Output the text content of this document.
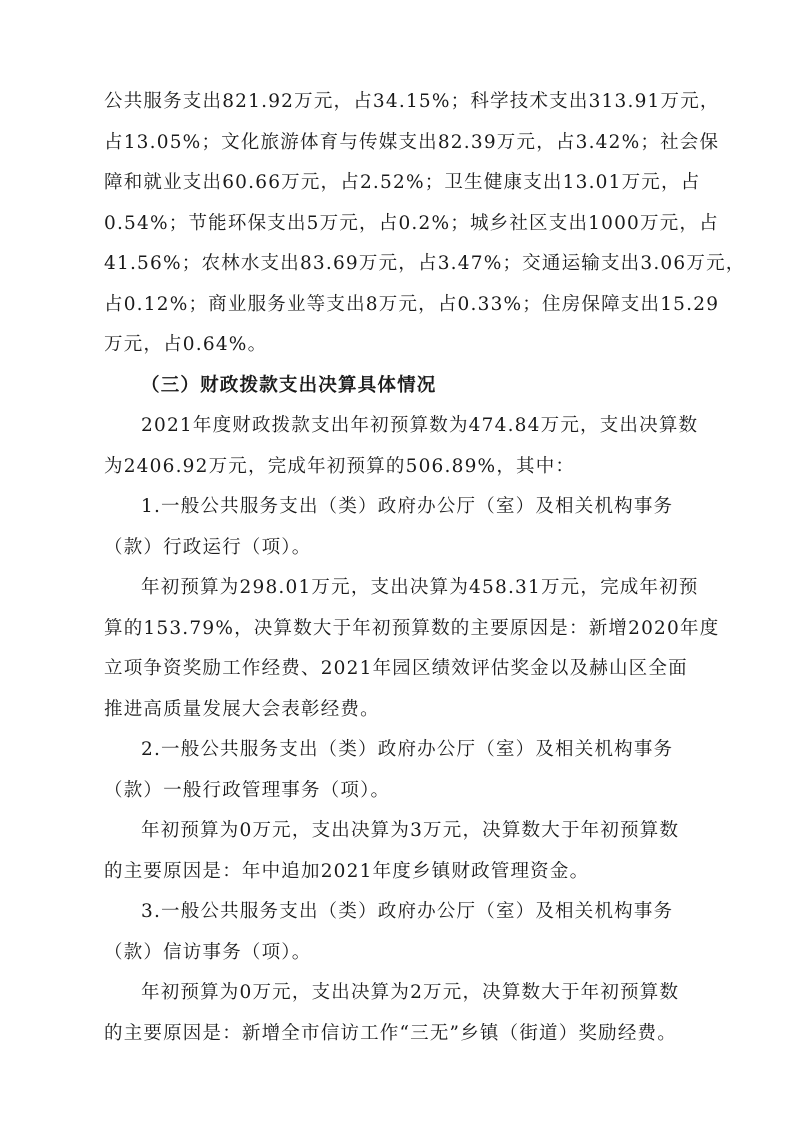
公共服务支出821.92万元，占34.15%；科学技术支出313.91万元，
占13.05%；文化旅游体育与传媒支出82.39万元，占3.42%；社会保
障和就业支出60.66万元，占2.52%；卫生健康支出13.01万元，占
0.54%；节能环保支出5万元，占0.2%；城乡社区支出1000万元，占
41.56%；农林水支出83.69万元，占3.47%；交通运输支出3.06万元，
占0.12%；商业服务业等支出8万元，占0.33%；住房保障支出15.29
万元，占0.64%。
（三）财政拨款支出决算具体情况
2021年度财政拨款支出年初预算数为474.84万元，支出决算数
为2406.92万元，完成年初预算的506.89%，其中：
1.一般公共服务支出（类）政府办公厅（室）及相关机构事务
（款）行政运行（项）。
年初预算为298.01万元，支出决算为458.31万元，完成年初预
算的153.79%，决算数大于年初预算数的主要原因是：新增2020年度
立项争资奖励工作经费、2021年园区绩效评估奖金以及赫山区全面
推进高质量发展大会表彰经费。
2.一般公共服务支出（类）政府办公厅（室）及相关机构事务
（款）一般行政管理事务（项）。
年初预算为0万元，支出决算为3万元，决算数大于年初预算数
的主要原因是：年中追加2021年度乡镇财政管理资金。
3.一般公共服务支出（类）政府办公厅（室）及相关机构事务
（款）信访事务（项）。
年初预算为0万元，支出决算为2万元，决算数大于年初预算数
的主要原因是：新增全市信访工作“三无”乡镇（街道）奖励经费。
